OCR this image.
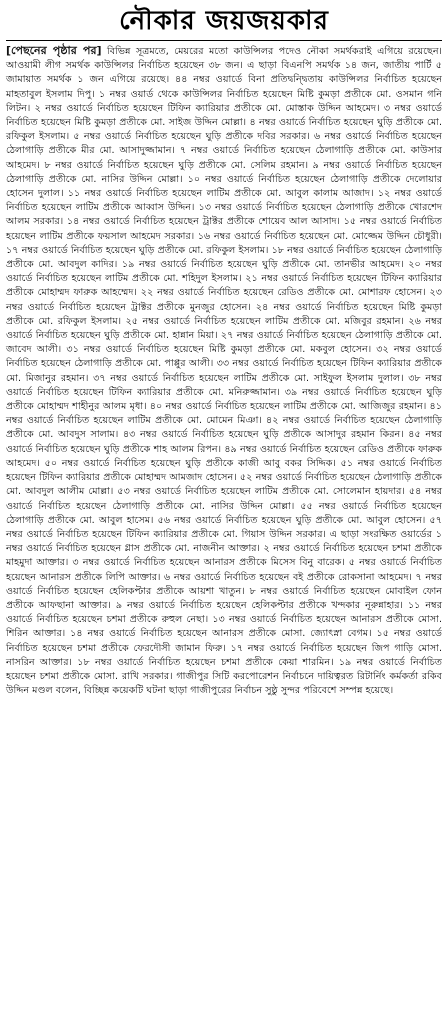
নৌকার জয়জয়কার

[পেছনের পৃষ্ঠার পর] বিভিন্ন সূত্রমতে, মেয়রের মতো কাউন্সিলর পদেও নৌকা সমর্থকরাই এগিয়ে রয়েছেন। আওয়ামী লীগ সমর্থক কাউন্সিলর নির্বাচিত হয়েছেন ৩৮ জন। এ ছাড়া বিএনপি সমর্থক ১৪ জন, জাতীয় পার্টি ৫ জামায়াত সমর্থক ১ জন এগিয়ে রয়েছে। ৪৪ নম্বর ওয়ার্ডে বিনা প্রতিদ্বন্দ্বিতায় কাউন্সিলর নির্বাচিত হয়েছেন মাহতাবুল ইসলাম দিপু। ১ নম্বর ওয়ার্ড থেকে কাউন্সিলর নির্বাচিত হয়েছেন মিষ্টি কুমড়া প্রতীকে মো. ওসমান গনি লিটন। ২ নম্বর ওয়ার্ডে নির্বাচিত হয়েছেন টিফিন ক্যারিয়ার প্রতীকে মো. মোস্তাক উদ্দিন আহমেদ। ৩ নম্বর ওয়ার্ডে নির্বাচিত হয়েছেন মিষ্টি কুমড়া প্রতীকে মো. সাইজ উদ্দিন মোল্লা। ৪ নম্বর ওয়ার্ডে নির্বাচিত হয়েছেন ঘুড়ি প্রতীকে মো. রফিকুল ইসলাম। ৫ নম্বর ওয়ার্ডে নির্বাচিত হয়েছেন ঘুড়ি প্রতীকে দবির সরকার। ৬ নম্বর ওয়ার্ডে নির্বাচিত হয়েছেন ঠেলাগাড়ি প্রতীকে মীর মো. আসাদুজ্জামান। ৭ নম্বর ওয়ার্ডে নির্বাচিত হয়েছেন ঠেলাগাড়ি প্রতীকে মো. কাউসার আহমেদ। ৮ নম্বর ওয়ার্ডে নির্বাচিত হয়েছেন ঘুড়ি প্রতীকে মো. সেলিম রহমান। ৯ নম্বর ওয়ার্ডে নির্বাচিত হয়েছেন ঠেলাগাড়ি প্রতীকে মো. নাসির উদ্দিন মোল্লা। ১০ নম্বর ওয়ার্ডে নির্বাচিত হয়েছেন ঠেলাগাড়ি প্রতীকে দেলোয়ার হোসেন দুলাল। ১১ নম্বর ওয়ার্ডে নির্বাচিত হয়েছেন লাটিম প্রতীকে মো. আবুল কালাম আজাদ। ১২ নম্বর ওয়ার্ডে নির্বাচিত হয়েছেন লাটিম প্রতীকে আব্বাস উদ্দিন। ১৩ নম্বর ওয়ার্ডে নির্বাচিত হয়েছেন ঠেলাগাড়ি প্রতীকে খোরশেদ আলম সরকার। ১৪ নম্বর ওয়ার্ডে নির্বাচিত হয়েছেন ট্রাক্টর প্রতীকে শোয়েব আল আসাদ। ১৫ নম্বর ওয়ার্ডে নির্বাচিত হয়েছেন লাটিম প্রতীকে ফয়সাল আহমেদ সরকার। ১৬ নম্বর ওয়ার্ডে নির্বাচিত হয়েছেন মো. মোজ্জেম উদ্দিন চৌধুরী। ১৭ নম্বর ওয়ার্ডে নির্বাচিত হয়েছেন ঘুড়ি প্রতীকে মো. রফিকুল ইসলাম। ১৮ নম্বর ওয়ার্ডে নির্বাচিত হয়েছেন ঠেলাগাড়ি প্রতীকে মো. আবদুল কাদির। ১৯ নম্বর ওয়ার্ডে নির্বাচিত হয়েছেন ঘুড়ি প্রতীকে মো. তানভীর আহমেদ। ২০ নম্বর ওয়ার্ডে নির্বাচিত হয়েছেন লাটিম প্রতীকে মো. শহিদুল ইসলাম। ২১ নম্বর ওয়ার্ডে নির্বাচিত হয়েছেন টিফিন ক্যারিয়ার প্রতীকে মোহাম্মদ ফারুক আহম্মেদ। ২২ নম্বর ওয়ার্ডে নির্বাচিত হয়েছেন রেডিও প্রতীকে মো. মোশারফ হোসেন। ২৩ নম্বর ওয়ার্ডে নির্বাচিত হয়েছেন ট্রাক্টর প্রতীকে মুনজুর হোসেন। ২৪ নম্বর ওয়ার্ডে নির্বাচিত হয়েছেন মিষ্টি কুমড়া প্রতীকে মো. রফিকুল ইসলাম। ২৫ নম্বর ওয়ার্ডে নির্বাচিত হয়েছেন লাটিম প্রতীকে মো. মজিবুর রহমান। ২৬ নম্বর ওয়ার্ডে নির্বাচিত হয়েছেন ঘুড়ি প্রতীকে মো. হান্নান মিয়া। ২৭ নম্বর ওয়ার্ডে নির্বাচিত হয়েছেন ঠেলাগাড়ি প্রতীকে মো. জাবেদ আলী। ৩১ নম্বর ওয়ার্ডে নির্বাচিত হয়েছেন মিষ্টি কুমড়া প্রতীকে মো. মকবুল হোসেন। ৩২ নম্বর ওয়ার্ডে নির্বাচিত হয়েছেন ঠেলাগাড়ি প্রতীকে মো. পাপ্পুর আলী। ৩৩ নম্বর ওয়ার্ডে নির্বাচিত হয়েছেন টিফিন ক্যারিয়ার প্রতীকে মো. মিজানুর রহমান। ৩৭ নম্বর ওয়ার্ডে নির্বাচিত হয়েছেন লাটিম প্রতীকে মো. সাইফুল ইসলাম দুলাল। ৩৮ নম্বর ওয়ার্ডে নির্বাচিত হয়েছেন টিফিন ক্যারিয়ার প্রতীকে মো. মনিরুজ্জামান। ৩৯ নম্বর ওয়ার্ডে নির্বাচিত হয়েছেন ঘুড়ি প্রতীকে মোহাম্মদ শাহীনুর আলম মৃধা। ৪০ নম্বর ওয়ার্ডে নির্বাচিত হয়েছেন লাটিম প্রতীকে মো. আজিজুর রহমান। ৪১ নম্বর ওয়ার্ডে নির্বাচিত হয়েছেন লাটিম প্রতীকে মো. মোমেন মিঞা। ৪২ নম্বর ওয়ার্ডে নির্বাচিত হয়েছেন ঠেলাগাড়ি প্রতীকে মো. আবদুস সালাম। ৪৩ নম্বর ওয়ার্ডে নির্বাচিত হয়েছেন ঘুড়ি প্রতীকে আসাদুর রহমান কিরন। ৪৫ নম্বর ওয়ার্ডে নির্বাচিত হয়েছেন ঘুড়ি প্রতীকে শাহ আলম রিপন। ৪৯ নম্বর ওয়ার্ডে নির্বাচিত হয়েছেন রেডিও প্রতীকে ফারুক আহমেদ। ৫০ নম্বর ওয়ার্ডে নির্বাচিত হয়েছেন ঘুড়ি প্রতীকে কাজী আবু বকর সিদ্দিক। ৫১ নম্বর ওয়ার্ডে নির্বাচিত হয়েছেন টিফিন ক্যারিয়ার প্রতীকে মোহাম্মদ আমজাদ হোসেন। ৫২ নম্বর ওয়ার্ডে নির্বাচিত হয়েছেন ঠেলাগাড়ি প্রতীকে মো. আবদুল আলীম মোল্লা। ৫৩ নম্বর ওয়ার্ডে নির্বাচিত হয়েছেন লাটিম প্রতীকে মো. সোলেমান হায়দার। ৫৪ নম্বর ওয়ার্ডে নির্বাচিত হয়েছেন ঠেলাগাড়ি প্রতীকে মো. নাসির উদ্দিন মোল্লা। ৫৫ নম্বর ওয়ার্ডে নির্বাচিত হয়েছেন ঠেলাগাড়ি প্রতীকে মো. আবুল হাসেম। ৫৬ নম্বর ওয়ার্ডে নির্বাচিত হয়েছেন ঘুড়ি প্রতীকে মো. আবুল হোসেন। ৫৭ নম্বর ওয়ার্ডে নির্বাচিত হয়েছেন টিফিন ক্যারিয়ার প্রতীকে মো. গিয়াস উদ্দিন সরকার। এ ছাড়া সংরক্ষিত ওয়ার্ডের ১ নম্বর ওয়ার্ডে নির্বাচিত হয়েছেন গ্লাস প্রতীকে মো. নাজনীন আক্তার। ২ নম্বর ওয়ার্ডে নির্বাচিত হয়েছেন চশমা প্রতীকে মাহমুদা আক্তার। ৩ নম্বর ওয়ার্ডে নির্বাচিত হয়েছেন আনারস প্রতীকে মিসেস বিনু বারেক। ৫ নম্বর ওয়ার্ডে নির্বাচিত হয়েছেন আনারস প্রতীকে লিপি আক্তার। ৬ নম্বর ওয়ার্ডে নির্বাচিত হয়েছেন বই প্রতীকে রোকসানা আহমেদ। ৭ নম্বর ওয়ার্ডে নির্বাচিত হয়েছেন হেলিকপ্টার প্রতীকে আয়শা খাতুন। ৮ নম্বর ওয়ার্ডে নির্বাচিত হয়েছেন মোবাইল ফোন প্রতীকে আফছানা আক্তার। ৯ নম্বর ওয়ার্ডে নির্বাচিত হয়েছেন হেলিকপ্টার প্রতীকে খন্দকার নূরুন্নাহার। ১১ নম্বর ওয়ার্ডে নির্বাচিত হয়েছেন চশমা প্রতীকে রুহুল নেছা। ১৩ নম্বর ওয়ার্ডে নির্বাচিত হয়েছেন আনারস প্রতীকে মোসা. শিরিন আক্তার। ১৪ নম্বর ওয়ার্ডে নির্বাচিত হয়েছেন আনারস প্রতীকে মোসা. জ্যোৎস্না বেগম। ১৫ নম্বর ওয়ার্ডে নির্বাচিত হয়েছেন চশমা প্রতীকে ফেরদৌসী জামান ফিরু। ১৭ নম্বর ওয়ার্ডে নির্বাচিত হয়েছেন জিপ গাড়ি মোসা. নাসরিন আক্তার। ১৮ নম্বর ওয়ার্ডে নির্বাচিত হয়েছেন চশমা প্রতীকে কেয়া শারমিন। ১৯ নম্বর ওয়ার্ডে নির্বাচিত হয়েছেন চশমা প্রতীকে মোসা. রাখি সরকার। গাজীপুর সিটি করপোরেশন নির্বাচনে দায়িত্বরত রিটার্নিং কর্মকর্তা রকিব উদ্দিন মণ্ডল বলেন, বিচ্ছিন্ন কয়েকটি ঘটনা ছাড়া গাজীপুরের নির্বাচন সুষ্ঠু সুন্দর পরিবেশে সম্পন্ন হয়েছে।
